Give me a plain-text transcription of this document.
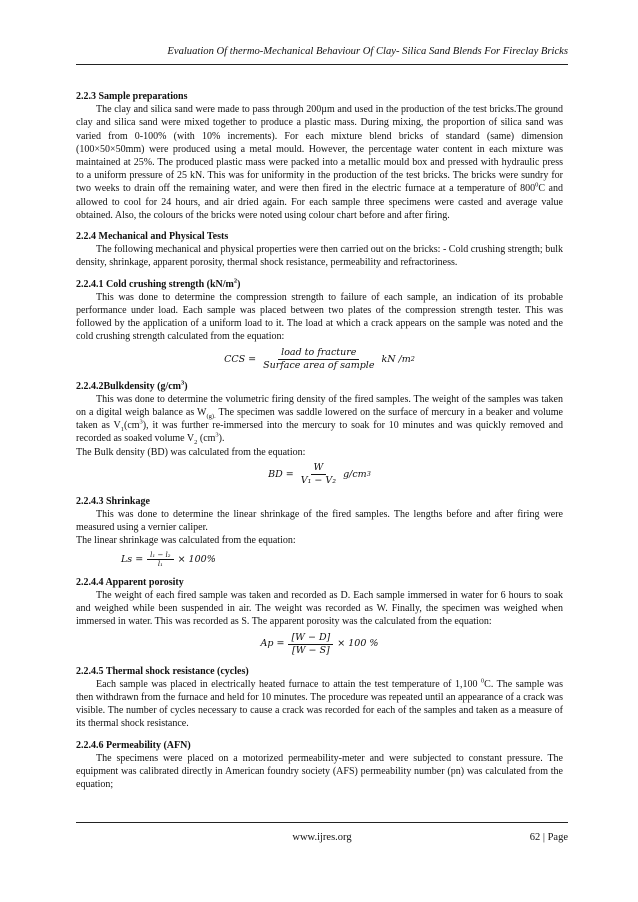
Evaluation Of thermo-Mechanical Behaviour Of Clay- Silica Sand Blends For Fireclay Bricks
2.2.3 Sample preparations

The clay and silica sand were made to pass through 200µm and used in the production of the test bricks.The ground clay and silica sand were mixed together to produce a plastic mass. During mixing, the proportion of silica sand was varied from 0-100% (with 10% increments). For each mixture blend bricks of standard (same) dimension (100×50×50mm) were produced using a metal mould. However, the percentage water content in each mixture was maintained at 25%. The produced plastic mass were packed into a metallic mould box and pressed with hydraulic press to a uniform pressure of 25 kN. This was for uniformity in the production of the test bricks. The bricks were sundry for two weeks to drain off the remaining water, and were then fired in the electric furnace at a temperature of $800^0C$ and allowed to cool for 24 hours, and air dried again. For each sample three specimens were casted and average value obtained. Also, the colours of the bricks were noted using colour chart before and after firing.

2.2.4 Mechanical and Physical Tests

The following mechanical and physical properties were then carried out on the bricks: - Cold crushing strength; bulk density, shrinkage, apparent porosity, thermal shock resistance, permeability and refractoriness.

2.2.4.1 Cold crushing strength $(kN/m^2)$

This was done to determine the compression strength to failure of each sample, an indication of its probable performance under load. Each sample was placed between two plates of the compression strength tester. This was followed by the application of a uniform load to it. The load at which a crack appears on the sample was noted and the cold crushing strength calculated from the equation:

CCS = $\frac{\text{load to fracture}}{\text{Surface area of sample}}$ kN /m 2
2.2.4.2Bulkdensity $(g/cm^3)$

This was done to determine the volumetric firing density of the fired samples. The weight of the samples was taken on a digital weigh balance as $W_{(g).}$ The specimen was saddle lowered on the surface of mercury in a beaker and volume taken as $V_1(cm^3)$, it was further re-immersed into the mercury to soak for 10 minutes and was quickly removed and recorded as soaked volume $V_2$ $(cm^3)$.

The Bulk density (BD) was calculated from the equation:

BD = $\frac{W}{\text{V₁ − V₂}} g/cm$ 3
2.2.4.3 Shrinkage

This was done to determine the linear shrinkage of the fired samples. The lengths before and after firing were measured using a vernier caliper.

The linear shrinkage was calculated from the equation:

$Ls = \frac{\text{l₁ − l₂}}{\text{l₁}} \times 100\%$
2.2.4.4 Apparent porosity

The weight of each fired sample was taken and recorded as D. Each sample immersed in water for 6 hours to soak and weighed while been suspended in air. The weight was recorded as W. Finally, the specimen was weighed when immersed in water. This was recorded as S. The apparent porosity was the calculated from the equation:

$Ap = \frac{[W - D]}{[W - S]} \times 100$ %
2.2.4.5 Thermal shock resistance (cycles)

Each sample was placed in electrically heated furnace to attain the test temperature of 1,100 $^0$C. The sample was then withdrawn from the furnace and held for 10 minutes. The procedure was repeated until an appearance of a crack was visible. The number of cycles necessary to cause a crack was recorded for each of the samples and taken as a measure of its thermal shock resistance.

2.2.4.6 Permeability (AFN)

The specimens were placed on a motorized permeability-meter and were subjected to constant pressure. The equipment was calibrated directly in American foundry society (AFS) permeability number (pn) was calculated from the equation;

www.ijres.org	62 | Page
